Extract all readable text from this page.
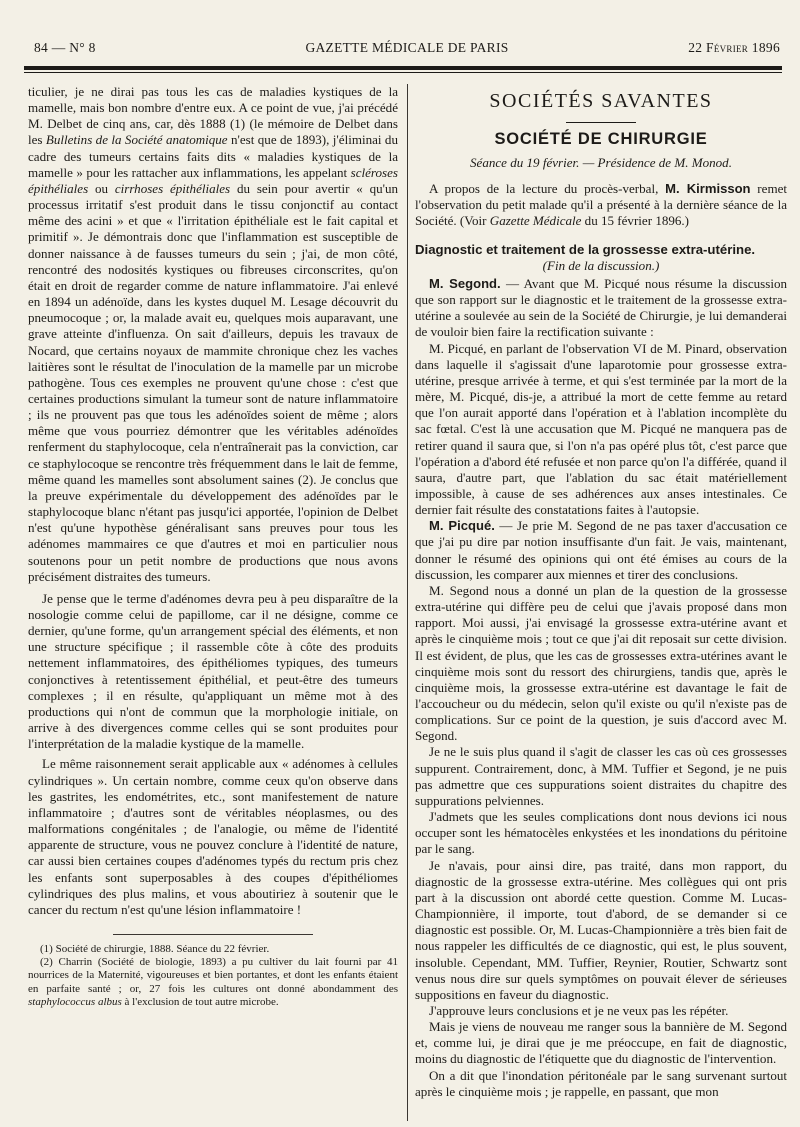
84 — N° 8	GAZETTE MÉDICALE DE PARIS	22 Février 1896

ticulier, je ne dirai pas tous les cas de maladies kystiques de la mamelle, mais bon nombre d'entre eux. A ce point de vue, j'ai précédé M. Delbet de cinq ans, car, dès 1888 (1) (le mémoire de Delbet dans les Bulletins de la Société anatomique n'est que de 1893), j'éliminai du cadre des tumeurs certains faits dits « maladies kystiques de la mamelle » pour les rattacher aux inflammations, les appelant scléroses épithéliales ou cirrhoses épithéliales du sein pour avertir « qu'un processus irritatif s'est produit dans le tissu conjonctif au contact même des acini » et que « l'irritation épithéliale est le fait capital et primitif ». Je démontrais donc que l'inflammation est susceptible de donner naissance à de fausses tumeurs du sein ; j'ai, de mon côté, rencontré des nodosités kystiques ou fibreuses circonscrites, qu'on était en droit de regarder comme de nature inflammatoire. J'ai enlevé en 1894 un adénoïde, dans les kystes duquel M. Lesage découvrit du pneumocoque ; or, la malade avait eu, quelques mois auparavant, une grave atteinte d'influenza. On sait d'ailleurs, depuis les travaux de Nocard, que certains noyaux de mammite chronique chez les vaches laitières sont le résultat de l'inoculation de la mamelle par un microbe pathogène. Tous ces exemples ne prouvent qu'une chose : c'est que certaines productions simulant la tumeur sont de nature inflammatoire ; ils ne prouvent pas que tous les adénoïdes soient de même ; alors même que vous pourriez démontrer que les véritables adénoïdes renferment du staphylocoque, cela n'entraînerait pas la conviction, car ce staphylocoque se rencontre très fréquemment dans le lait de femme, même quand les mamelles sont absolument saines (2). Je conclus que la preuve expérimentale du développement des adénoïdes par le staphylocoque blanc n'étant pas jusqu'ici apportée, l'opinion de Delbet n'est qu'une hypothèse généralisant sans preuves pour tous les adénomes mammaires ce que d'autres et moi en particulier nous soutenons pour un petit nombre de productions que nous avons précisément distraites des tumeurs.

Je pense que le terme d'adénomes devra peu à peu disparaître de la nosologie comme celui de papillome, car il ne désigne, comme ce dernier, qu'une forme, qu'un arrangement spécial des éléments, et non une structure spécifique ; il rassemble côte à côte des produits nettement inflammatoires, des épithéliomes typiques, des tumeurs conjonctives à retentissement épithélial, et peut-être des tumeurs complexes ; il en résulte, qu'appliquant un même mot à des productions qui n'ont de commun que la morphologie initiale, on arrive à des divergences comme celles qui se sont produites pour l'interprétation de la maladie kystique de la mamelle.

Le même raisonnement serait applicable aux « adénomes à cellules cylindriques ». Un certain nombre, comme ceux qu'on observe dans les gastrites, les endométrites, etc., sont manifestement de nature inflammatoire ; d'autres sont de véritables néoplasmes, ou des malformations congénitales ; de l'analogie, ou même de l'identité apparente de structure, vous ne pouvez conclure à l'identité de nature, car aussi bien certaines coupes d'adénomes typés du rectum pris chez les enfants sont superposables à des coupes d'épithéliomes cylindriques des plus malins, et vous aboutiriez à soutenir que le cancer du rectum n'est qu'une lésion inflammatoire !

(1) Société de chirurgie, 1888. Séance du 22 février.

(2) Charrin (Société de biologie, 1893) a pu cultiver du lait fourni par 41 nourrices de la Maternité, vigoureuses et bien portantes, et dont les enfants étaient en parfaite santé ; or, 27 fois les cultures ont donné abondamment des staphylococcus albus à l'exclusion de tout autre microbe.

SOCIÉTÉS SAVANTES
SOCIÉTÉ DE CHIRURGIE
Séance du 19 février. — Présidence de M. Monod.

A propos de la lecture du procès-verbal, M. Kirmisson remet l'observation du petit malade qu'il a présenté à la dernière séance de la Société. (Voir Gazette Médicale du 15 février 1896.)

Diagnostic et traitement de la grossesse extra-utérine.
(Fin de la discussion.)

M. Segond. — Avant que M. Picqué nous résume la discussion que son rapport sur le diagnostic et le traitement de la grossesse extra-utérine a soulevée au sein de la Société de Chirurgie, je lui demanderai de vouloir bien faire la rectification suivante :

M. Picqué, en parlant de l'observation VI de M. Pinard, observation dans laquelle il s'agissait d'une laparotomie pour grossesse extra-utérine, presque arrivée à terme, et qui s'est terminée par la mort de la mère, M. Picqué, dis-je, a attribué la mort de cette femme au retard que l'on aurait apporté dans l'opération et à l'ablation incomplète du sac fœtal. C'est là une accusation que M. Picqué ne manquera pas de retirer quand il saura que, si l'on n'a pas opéré plus tôt, c'est parce que l'opération a d'abord été refusée et non parce qu'on l'a différée, quand il saura, d'autre part, que l'ablation du sac était matériellement impossible, à cause de ses adhérences aux anses intestinales. Ce dernier fait résulte des constatations faites à l'autopsie.

M. Picqué. — Je prie M. Segond de ne pas taxer d'accusation ce que j'ai pu dire par notion insuffisante d'un fait. Je vais, maintenant, donner le résumé des opinions qui ont été émises au cours de la discussion, les comparer aux miennes et tirer des conclusions.

M. Segond nous a donné un plan de la question de la grossesse extra-utérine qui diffère peu de celui que j'avais proposé dans mon rapport. Moi aussi, j'ai envisagé la grossesse extra-utérine avant et après le cinquième mois ; tout ce que j'ai dit reposait sur cette division. Il est évident, de plus, que les cas de grossesses extra-utérines avant le cinquième mois sont du ressort des chirurgiens, tandis que, après le cinquième mois, la grossesse extra-utérine est davantage le fait de l'accoucheur ou du médecin, selon qu'il existe ou qu'il n'existe pas de complications. Sur ce point de la question, je suis d'accord avec M. Segond.

Je ne le suis plus quand il s'agit de classer les cas où ces grossesses suppurent. Contrairement, donc, à MM. Tuffier et Segond, je ne puis pas admettre que ces suppurations soient distraites du chapitre des suppurations pelviennes.

J'admets que les seules complications dont nous devions ici nous occuper sont les hématocèles enkystées et les inondations du péritoine par le sang.

Je n'avais, pour ainsi dire, pas traité, dans mon rapport, du diagnostic de la grossesse extra-utérine. Mes collègues qui ont pris part à la discussion ont abordé cette question. Comme M. Lucas-Championnière, il importe, tout d'abord, de se demander si ce diagnostic est possible. Or, M. Lucas-Championnière a très bien fait de nous rappeler les difficultés de ce diagnostic, qui est, le plus souvent, insoluble. Cependant, MM. Tuffier, Reynier, Routier, Schwartz sont venus nous dire sur quels symptômes on pouvait élever de sérieuses suppositions en faveur du diagnostic.

J'approuve leurs conclusions et je ne veux pas les répéter.

Mais je viens de nouveau me ranger sous la bannière de M. Segond et, comme lui, je dirai que je me préoccupe, en fait de diagnostic, moins du diagnostic de l'étiquette que du diagnostic de l'intervention.

On a dit que l'inondation péritonéale par le sang survenant surtout après le cinquième mois ; je rappelle, en passant, que mon
